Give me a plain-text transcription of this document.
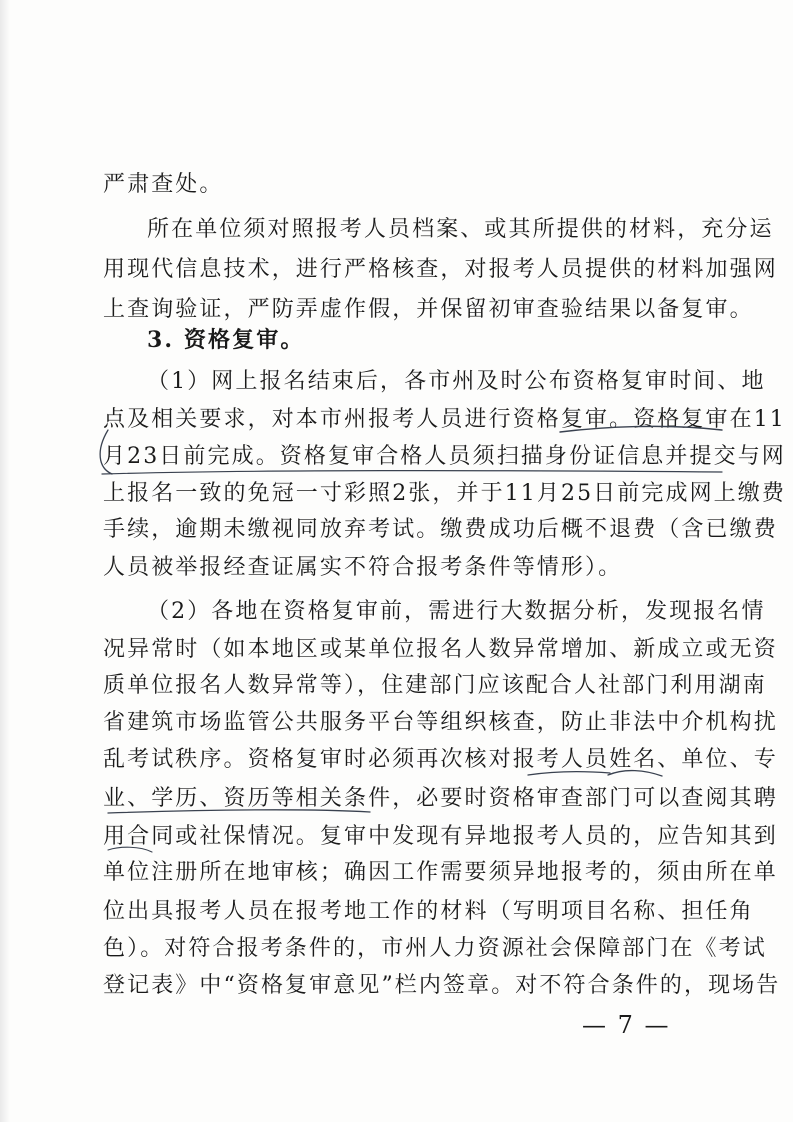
严肃查处。
所在单位须对照报考人员档案、或其所提供的材料，充分运
用现代信息技术，进行严格核查，对报考人员提供的材料加强网
上查询验证，严防弄虚作假，并保留初审查验结果以备复审。
3. 资格复审。
（1）网上报名结束后，各市州及时公布资格复审时间、地
点及相关要求，对本市州报考人员进行资格复审。资格复审在11
月23日前完成。资格复审合格人员须扫描身份证信息并提交与网
上报名一致的免冠一寸彩照2张，并于11月25日前完成网上缴费
手续，逾期未缴视同放弃考试。缴费成功后概不退费（含已缴费
人员被举报经查证属实不符合报考条件等情形）。
（2）各地在资格复审前，需进行大数据分析，发现报名情
况异常时（如本地区或某单位报名人数异常增加、新成立或无资
质单位报名人数异常等），住建部门应该配合人社部门利用湖南
省建筑市场监管公共服务平台等组织核查，防止非法中介机构扰
乱考试秩序。资格复审时必须再次核对报考人员姓名、单位、专
业、学历、资历等相关条件，必要时资格审查部门可以查阅其聘
用合同或社保情况。复审中发现有异地报考人员的，应告知其到
单位注册所在地审核；确因工作需要须异地报考的，须由所在单
位出具报考人员在报考地工作的材料（写明项目名称、担任角
色）。对符合报考条件的，市州人力资源社会保障部门在《考试
登记表》中“资格复审意见”栏内签章。对不符合条件的，现场告
— 7 —
